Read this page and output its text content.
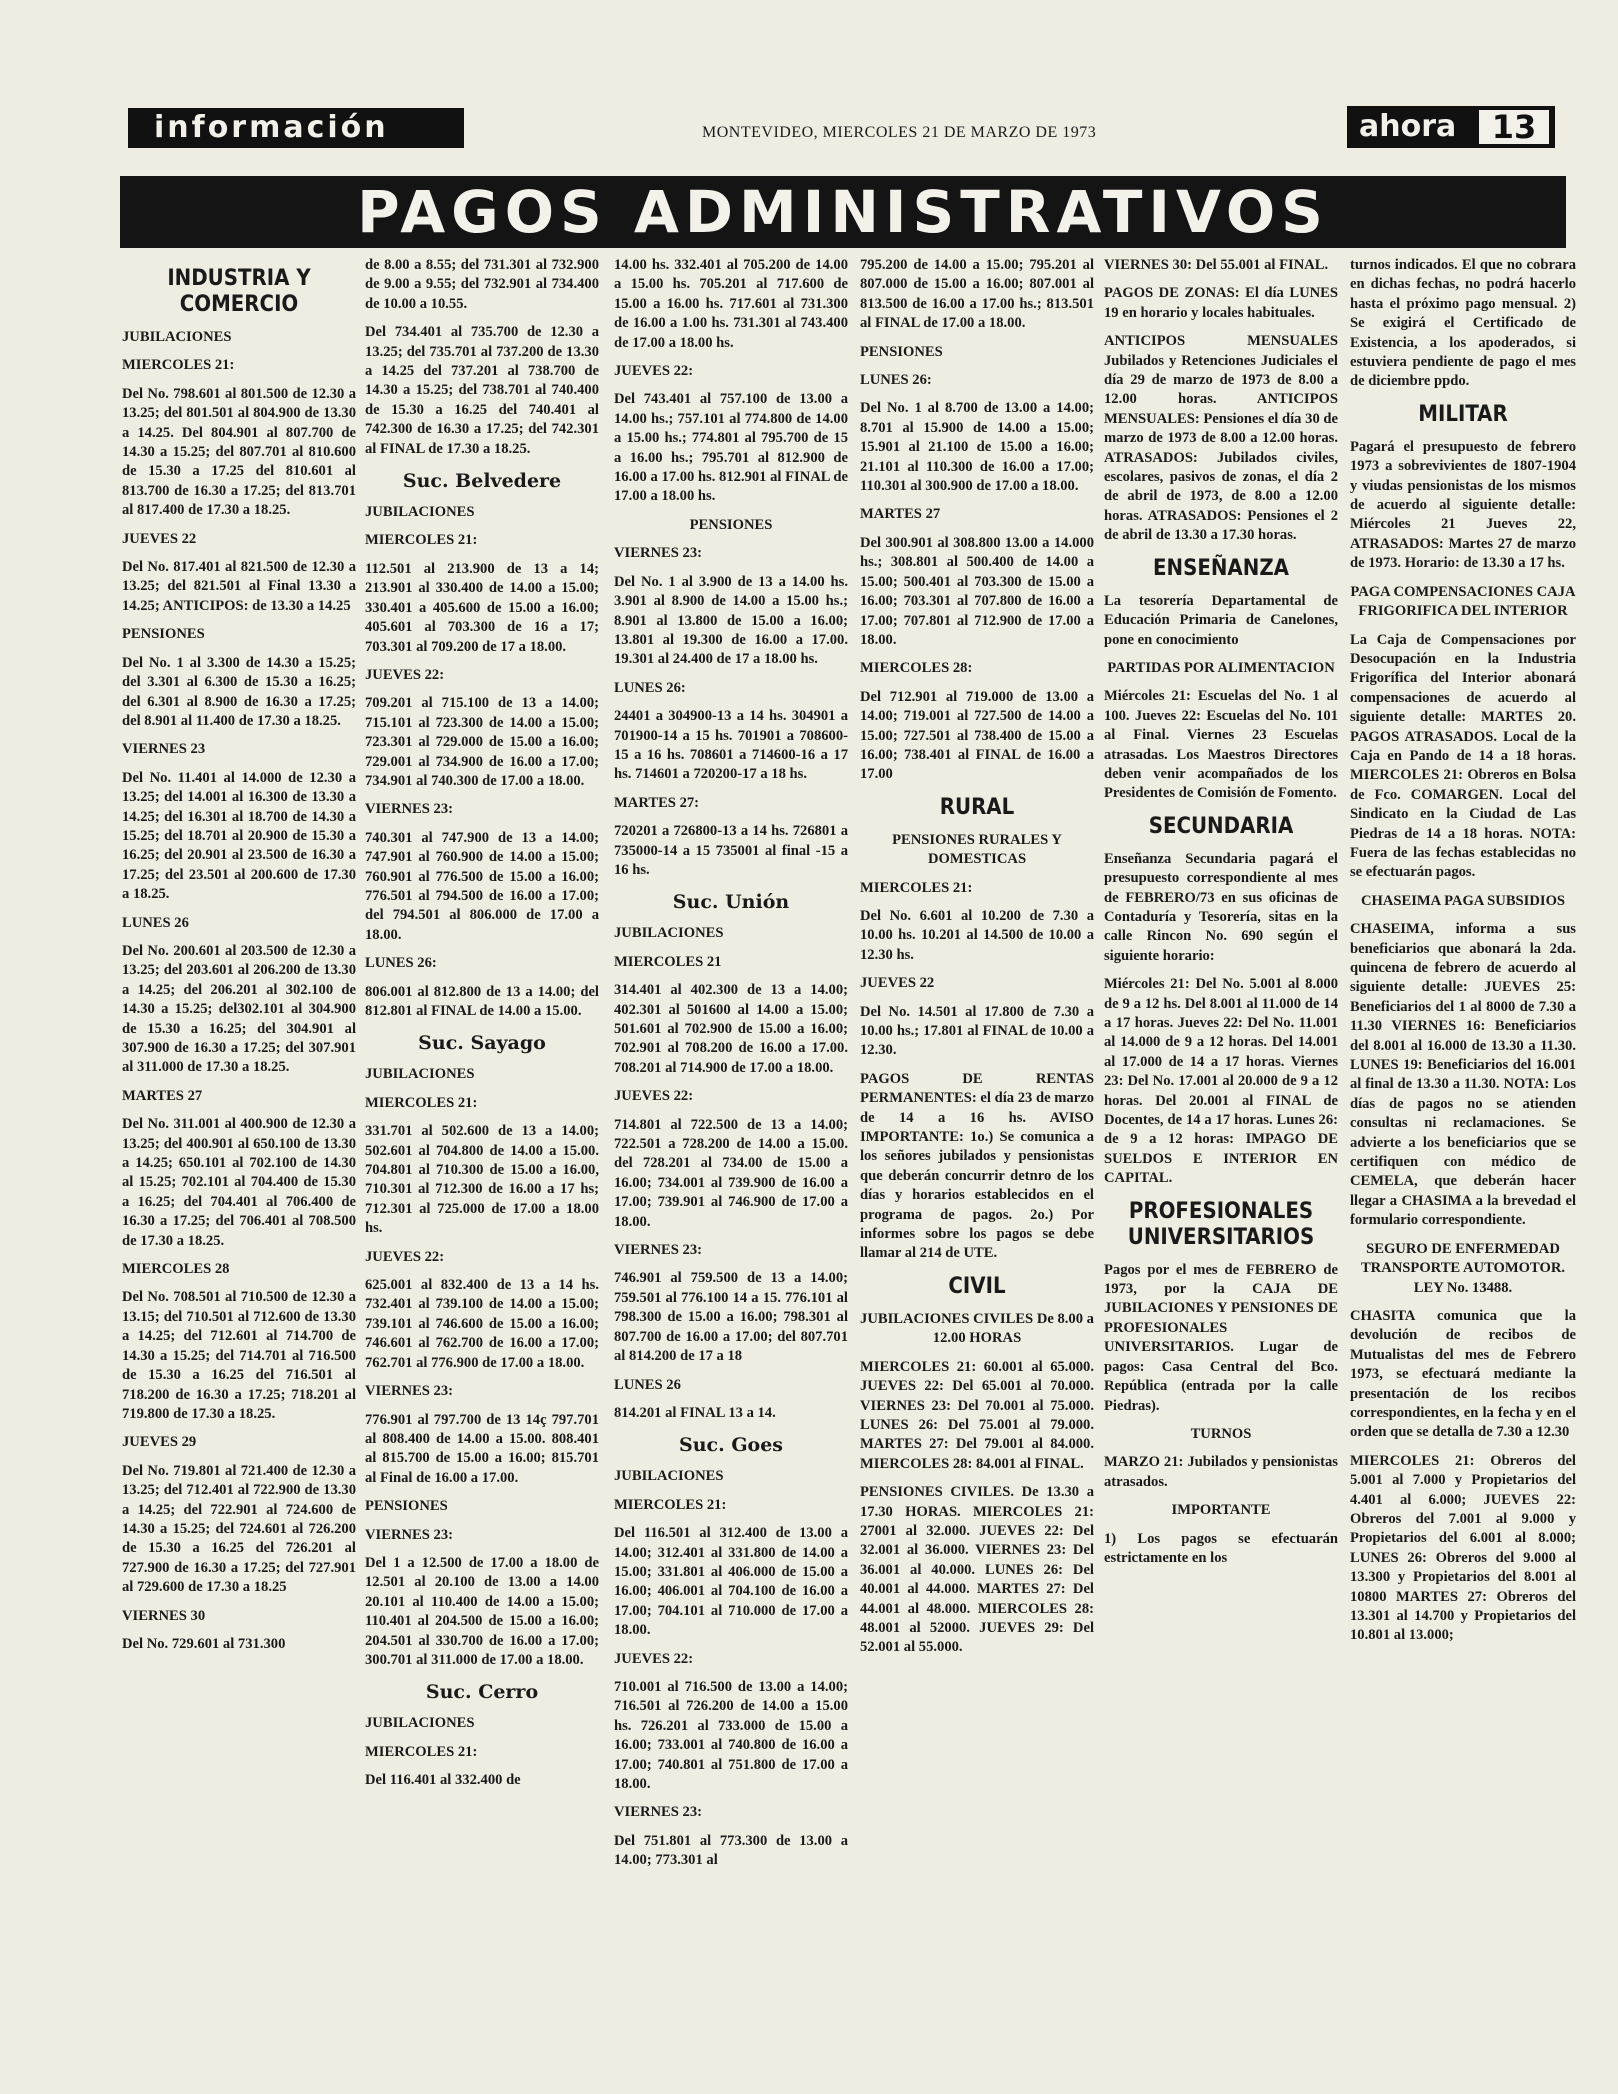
información	MONTEVIDEO, MIERCOLES 21 DE MARZO DE 1973	ahora	13
PAGOS ADMINISTRATIVOS

INDUSTRIA Y COMERCIO

JUBILACIONES

MIERCOLES 21:

Del No. 798.601 al 801.500 de 12.30 a 13.25; del 801.501 al 804.900 de 13.30 a 14.25. Del 804.901 al 807.700 de 14.30 a 15.25; del 807.701 al 810.600 de 15.30 a 17.25 del 810.601 al 813.700 de 16.30 a 17.25; del 813.701 al 817.400 de 17.30 a 18.25.

JUEVES 22

Del No. 817.401 al 821.500 de 12.30 a 13.25; del 821.501 al Final 13.30 a 14.25; ANTICIPOS: de 13.30 a 14.25

PENSIONES

Del No. 1 al 3.300 de 14.30 a 15.25; del 3.301 al 6.300 de 15.30 a 16.25; del 6.301 al 8.900 de 16.30 a 17.25; del 8.901 al 11.400 de 17.30 a 18.25.

VIERNES 23

Del No. 11.401 al 14.000 de 12.30 a 13.25; del 14.001 al 16.300 de 13.30 a 14.25; del 16.301 al 18.700 de 14.30 a 15.25; del 18.701 al 20.900 de 15.30 a 16.25; del 20.901 al 23.500 de 16.30 a 17.25; del 23.501 al 200.600 de 17.30 a 18.25.

LUNES 26

Del No. 200.601 al 203.500 de 12.30 a 13.25; del 203.601 al 206.200 de 13.30 a 14.25; del 206.201 al 302.100 de 14.30 a 15.25; del302.101 al 304.900 de 15.30 a 16.25; del 304.901 al 307.900 de 16.30 a 17.25; del 307.901 al 311.000 de 17.30 a 18.25.

MARTES 27

Del No. 311.001 al 400.900 de 12.30 a 13.25; del 400.901 al 650.100 de 13.30 a 14.25; 650.101 al 702.100 de 14.30 al 15.25; 702.101 al 704.400 de 15.30 a 16.25; del 704.401 al 706.400 de 16.30 a 17.25; del 706.401 al 708.500 de 17.30 a 18.25.

MIERCOLES 28

Del No. 708.501 al 710.500 de 12.30 a 13.15; del 710.501 al 712.600 de 13.30 a 14.25; del 712.601 al 714.700 de 14.30 a 15.25; del 714.701 al 716.500 de 15.30 a 16.25 del 716.501 al 718.200 de 16.30 a 17.25; 718.201 al 719.800 de 17.30 a 18.25.

JUEVES 29

Del No. 719.801 al 721.400 de 12.30 a 13.25; del 712.401 al 722.900 de 13.30 a 14.25; del 722.901 al 724.600 de 14.30 a 15.25; del 724.601 al 726.200 de 15.30 a 16.25 del 726.201 al 727.900 de 16.30 a 17.25; del 727.901 al 729.600 de 17.30 a 18.25

VIERNES 30

Del No. 729.601 al 731.300

de 8.00 a 8.55; del 731.301 al 732.900 de 9.00 a 9.55; del 732.901 al 734.400 de 10.00 a 10.55.

Del 734.401 al 735.700 de 12.30 a 13.25; del 735.701 al 737.200 de 13.30 a 14.25 del 737.201 al 738.700 de 14.30 a 15.25; del 738.701 al 740.400 de 15.30 a 16.25 del 740.401 al 742.300 de 16.30 a 17.25; del 742.301 al FINAL de 17.30 a 18.25.

Suc. Belvedere

JUBILACIONES

MIERCOLES 21:

112.501 al 213.900 de 13 a 14; 213.901 al 330.400 de 14.00 a 15.00; 330.401 a 405.600 de 15.00 a 16.00; 405.601 al 703.300 de 16 a 17; 703.301 al 709.200 de 17 a 18.00.

JUEVES 22:

709.201 al 715.100 de 13 a 14.00; 715.101 al 723.300 de 14.00 a 15.00; 723.301 al 729.000 de 15.00 a 16.00; 729.001 al 734.900 de 16.00 a 17.00; 734.901 al 740.300 de 17.00 a 18.00.

VIERNES 23:

740.301 al 747.900 de 13 a 14.00; 747.901 al 760.900 de 14.00 a 15.00; 760.901 al 776.500 de 15.00 a 16.00; 776.501 al 794.500 de 16.00 a 17.00; del 794.501 al 806.000 de 17.00 a 18.00.

LUNES 26:

806.001 al 812.800 de 13 a 14.00; del 812.801 al FINAL de 14.00 a 15.00.

Suc. Sayago

JUBILACIONES

MIERCOLES 21:

331.701 al 502.600 de 13 a 14.00; 502.601 al 704.800 de 14.00 a 15.00. 704.801 al 710.300 de 15.00 a 16.00, 710.301 al 712.300 de 16.00 a 17 hs; 712.301 al 725.000 de 17.00 a 18.00 hs.

JUEVES 22:

625.001 al 832.400 de 13 a 14 hs. 732.401 al 739.100 de 14.00 a 15.00; 739.101 al 746.600 de 15.00 a 16.00; 746.601 al 762.700 de 16.00 a 17.00; 762.701 al 776.900 de 17.00 a 18.00.

VIERNES 23:

776.901 al 797.700 de 13 14ç 797.701 al 808.400 de 14.00 a 15.00. 808.401 al 815.700 de 15.00 a 16.00; 815.701 al Final de 16.00 a 17.00.

PENSIONES

VIERNES 23:

Del 1 a 12.500 de 17.00 a 18.00 de 12.501 al 20.100 de 13.00 a 14.00 20.101 al 110.400 de 14.00 a 15.00; 110.401 al 204.500 de 15.00 a 16.00; 204.501 al 330.700 de 16.00 a 17.00; 300.701 al 311.000 de 17.00 a 18.00.

Suc. Cerro

JUBILACIONES

MIERCOLES 21:

Del 116.401 al 332.400 de

14.00 hs. 332.401 al 705.200 de 14.00 a 15.00 hs. 705.201 al 717.600 de 15.00 a 16.00 hs. 717.601 al 731.300 de 16.00 a 1.00 hs. 731.301 al 743.400 de 17.00 a 18.00 hs.

JUEVES 22:

Del 743.401 al 757.100 de 13.00 a 14.00 hs.; 757.101 al 774.800 de 14.00 a 15.00 hs.; 774.801 al 795.700 de 15 a 16.00 hs.; 795.701 al 812.900 de 16.00 a 17.00 hs. 812.901 al FINAL de 17.00 a 18.00 hs.

PENSIONES

VIERNES 23:

Del No. 1 al 3.900 de 13 a 14.00 hs. 3.901 al 8.900 de 14.00 a 15.00 hs.; 8.901 al 13.800 de 15.00 a 16.00; 13.801 al 19.300 de 16.00 a 17.00. 19.301 al 24.400 de 17 a 18.00 hs.

LUNES 26:

24401 a 304900-13 a 14 hs. 304901 a 701900-14 a 15 hs. 701901 a 708600-15 a 16 hs. 708601 a 714600-16 a 17 hs. 714601 a 720200-17 a 18 hs.

MARTES 27:

720201 a 726800-13 a 14 hs. 726801 a 735000-14 a 15 735001 al final -15 a 16 hs.

Suc. Unión

JUBILACIONES

MIERCOLES 21

314.401 al 402.300 de 13 a 14.00; 402.301 al 501600 al 14.00 a 15.00; 501.601 al 702.900 de 15.00 a 16.00; 702.901 al 708.200 de 16.00 a 17.00. 708.201 al 714.900 de 17.00 a 18.00.

JUEVES 22:

714.801 al 722.500 de 13 a 14.00; 722.501 a 728.200 de 14.00 a 15.00. del 728.201 al 734.00 de 15.00 a 16.00; 734.001 al 739.900 de 16.00 a 17.00; 739.901 al 746.900 de 17.00 a 18.00.

VIERNES 23:

746.901 al 759.500 de 13 a 14.00; 759.501 al 776.100 14 a 15. 776.101 al 798.300 de 15.00 a 16.00; 798.301 al 807.700 de 16.00 a 17.00; del 807.701 al 814.200 de 17 a 18

LUNES 26

814.201 al FINAL 13 a 14.

Suc. Goes

JUBILACIONES

MIERCOLES 21:

Del 116.501 al 312.400 de 13.00 a 14.00; 312.401 al 331.800 de 14.00 a 15.00; 331.801 al 406.000 de 15.00 a 16.00; 406.001 al 704.100 de 16.00 a 17.00; 704.101 al 710.000 de 17.00 a 18.00.

JUEVES 22:

710.001 al 716.500 de 13.00 a 14.00; 716.501 al 726.200 de 14.00 a 15.00 hs. 726.201 al 733.000 de 15.00 a 16.00; 733.001 al 740.800 de 16.00 a 17.00; 740.801 al 751.800 de 17.00 a 18.00.

VIERNES 23:

Del 751.801 al 773.300 de 13.00 a 14.00; 773.301 al

795.200 de 14.00 a 15.00; 795.201 al 807.000 de 15.00 a 16.00; 807.001 al 813.500 de 16.00 a 17.00 hs.; 813.501 al FINAL de 17.00 a 18.00.

PENSIONES

LUNES 26:

Del No. 1 al 8.700 de 13.00 a 14.00; 8.701 al 15.900 de 14.00 a 15.00; 15.901 al 21.100 de 15.00 a 16.00; 21.101 al 110.300 de 16.00 a 17.00; 110.301 al 300.900 de 17.00 a 18.00.

MARTES 27

Del 300.901 al 308.800 13.00 a 14.000 hs.; 308.801 al 500.400 de 14.00 a 15.00; 500.401 al 703.300 de 15.00 a 16.00; 703.301 al 707.800 de 16.00 a 17.00; 707.801 al 712.900 de 17.00 a 18.00.

MIERCOLES 28:

Del 712.901 al 719.000 de 13.00 a 14.00; 719.001 al 727.500 de 14.00 a 15.00; 727.501 al 738.400 de 15.00 a 16.00; 738.401 al FINAL de 16.00 a 17.00

RURAL

PENSIONES RURALES Y DOMESTICAS

MIERCOLES 21:

Del No. 6.601 al 10.200 de 7.30 a 10.00 hs. 10.201 al 14.500 de 10.00 a 12.30 hs.

JUEVES 22

Del No. 14.501 al 17.800 de 7.30 a 10.00 hs.; 17.801 al FINAL de 10.00 a 12.30.

PAGOS DE RENTAS PERMANENTES: el día 23 de marzo de 14 a 16 hs. AVISO IMPORTANTE: 1o.) Se comunica a los señores jubilados y pensionistas que deberán concurrir detnro de los días y horarios establecidos en el programa de pagos. 2o.) Por informes sobre los pagos se debe llamar al 214 de UTE.

CIVIL

JUBILACIONES CIVILES De 8.00 a 12.00 HORAS

MIERCOLES 21: 60.001 al 65.000. JUEVES 22: Del 65.001 al 70.000. VIERNES 23: Del 70.001 al 75.000. LUNES 26: Del 75.001 al 79.000. MARTES 27: Del 79.001 al 84.000. MIERCOLES 28: 84.001 al FINAL.

PENSIONES CIVILES. De 13.30 a 17.30 HORAS. MIERCOLES 21: 27001 al 32.000. JUEVES 22: Del 32.001 al 36.000. VIERNES 23: Del 36.001 al 40.000. LUNES 26: Del 40.001 al 44.000. MARTES 27: Del 44.001 al 48.000. MIERCOLES 28: 48.001 al 52000. JUEVES 29: Del 52.001 al 55.000.

VIERNES 30: Del 55.001 al FINAL.

PAGOS DE ZONAS: El día LUNES 19 en horario y locales habituales.

ANTICIPOS MENSUALES Jubilados y Retenciones Judiciales el día 29 de marzo de 1973 de 8.00 a 12.00 horas. ANTICIPOS MENSUALES: Pensiones el día 30 de marzo de 1973 de 8.00 a 12.00 horas. ATRASADOS: Jubilados civiles, escolares, pasivos de zonas, el día 2 de abril de 1973, de 8.00 a 12.00 horas. ATRASADOS: Pensiones el 2 de abril de 13.30 a 17.30 horas.

ENSEÑANZA

La tesorería Departamental de Educación Primaria de Canelones, pone en conocimiento

PARTIDAS POR ALIMENTACION

Miércoles 21: Escuelas del No. 1 al 100. Jueves 22: Escuelas del No. 101 al Final. Viernes 23 Escuelas atrasadas. Los Maestros Directores deben venir acompañados de los Presidentes de Comisión de Fomento.

SECUNDARIA

Enseñanza Secundaria pagará el presupuesto correspondiente al mes de FEBRERO/73 en sus oficinas de Contaduría y Tesorería, sitas en la calle Rincon No. 690 según el siguiente horario:

Miércoles 21: Del No. 5.001 al 8.000 de 9 a 12 hs. Del 8.001 al 11.000 de 14 a 17 horas. Jueves 22: Del No. 11.001 al 14.000 de 9 a 12 horas. Del 14.001 al 17.000 de 14 a 17 horas. Viernes 23: Del No. 17.001 al 20.000 de 9 a 12 horas. Del 20.001 al FINAL de Docentes, de 14 a 17 horas. Lunes 26: de 9 a 12 horas: IMPAGO DE SUELDOS E INTERIOR EN CAPITAL.

PROFESIONALES UNIVERSITARIOS

Pagos por el mes de FEBRERO de 1973, por la CAJA DE JUBILACIONES Y PENSIONES DE PROFESIONALES UNIVERSITARIOS. Lugar de pagos: Casa Central del Bco. República (entrada por la calle Piedras).

TURNOS

MARZO 21: Jubilados y pensionistas atrasados.

IMPORTANTE

1) Los pagos se efectuarán estrictamente en los

turnos indicados. El que no cobrara en dichas fechas, no podrá hacerlo hasta el próximo pago mensual. 2) Se exigirá el Certificado de Existencia, a los apoderados, si estuviera pendiente de pago el mes de diciembre ppdo.

MILITAR

Pagará el presupuesto de febrero 1973 a sobrevivientes de 1807-1904 y viudas pensionistas de los mismos de acuerdo al siguiente detalle: Miércoles 21 Jueves 22, ATRASADOS: Martes 27 de marzo de 1973. Horario: de 13.30 a 17 hs.

PAGA COMPENSACIONES CAJA FRIGORIFICA DEL INTERIOR

La Caja de Compensaciones por Desocupación en la Industria Frigorífica del Interior abonará compensaciones de acuerdo al siguiente detalle: MARTES 20. PAGOS ATRASADOS. Local de la Caja en Pando de 14 a 18 horas. MIERCOLES 21: Obreros en Bolsa de Fco. COMARGEN. Local del Sindicato en la Ciudad de Las Piedras de 14 a 18 horas. NOTA: Fuera de las fechas establecidas no se efectuarán pagos.

CHASEIMA PAGA SUBSIDIOS

CHASEIMA, informa a sus beneficiarios que abonará la 2da. quincena de febrero de acuerdo al siguiente detalle: JUEVES 25: Beneficiarios del 1 al 8000 de 7.30 a 11.30 VIERNES 16: Beneficiarios del 8.001 al 16.000 de 13.30 a 11.30. LUNES 19: Beneficiarios del 16.001 al final de 13.30 a 11.30. NOTA: Los días de pagos no se atienden consultas ni reclamaciones. Se advierte a los beneficiarios que se certifiquen con médico de CEMELA, que deberán hacer llegar a CHASIMA a la brevedad el formulario correspondiente.

SEGURO DE ENFERMEDAD TRANSPORTE AUTOMOTOR. LEY No. 13488.

CHASITA comunica que la devolución de recibos de Mutualistas del mes de Febrero 1973, se efectuará mediante la presentación de los recibos correspondientes, en la fecha y en el orden que se detalla de 7.30 a 12.30

MIERCOLES 21: Obreros del 5.001 al 7.000 y Propietarios del 4.401 al 6.000; JUEVES 22: Obreros del 7.001 al 9.000 y Propietarios del 6.001 al 8.000; LUNES 26: Obreros del 9.000 al 13.300 y Propietarios del 8.001 al 10800 MARTES 27: Obreros del 13.301 al 14.700 y Propietarios del 10.801 al 13.000;
